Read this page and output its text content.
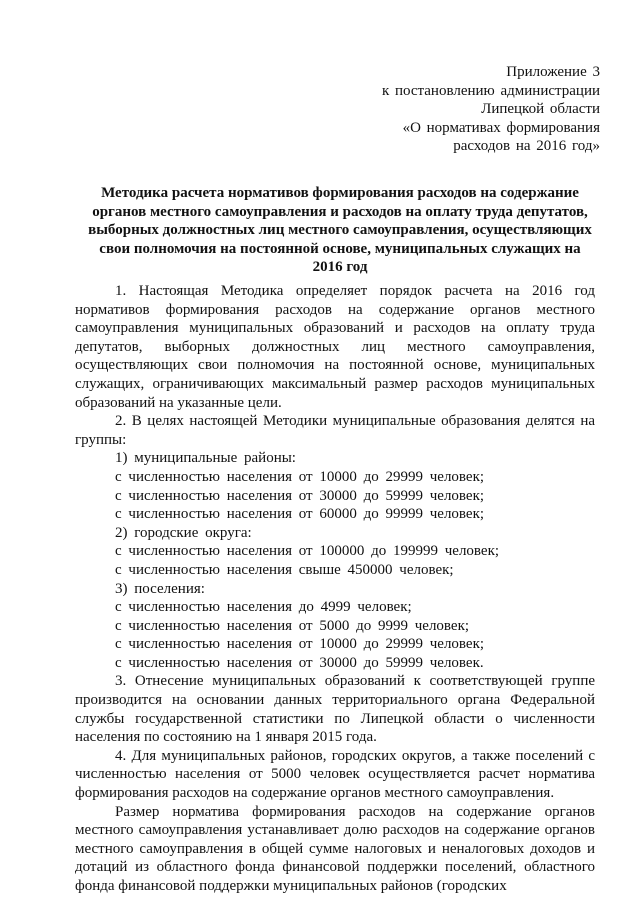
Приложение 3
к постановлению администрации
Липецкой области
«О нормативах формирования
расходов на 2016 год»
Методика расчета нормативов формирования расходов на содержание
органов местного самоуправления и расходов на оплату труда депутатов,
выборных должностных лиц местного самоуправления, осуществляющих
свои полномочия на постоянной основе, муниципальных служащих на
2016 год

1. Настоящая Методика определяет порядок расчета на 2016 год нормативов формирования расходов на содержание органов местного самоуправления муниципальных образований и расходов на оплату труда депутатов, выборных должностных лиц местного самоуправления, осуществляющих свои полномочия на постоянной основе, муниципальных служащих, ограничивающих максимальный размер расходов муниципальных образований на указанные цели.

2. В целях настоящей Методики муниципальные образования делятся на группы:

1) муниципальные районы:

с численностью населения от 10000 до 29999 человек;

с численностью населения от 30000 до 59999 человек;

с численностью населения от 60000 до 99999 человек;

2) городские округа:

с численностью населения от 100000 до 199999 человек;

с численностью населения свыше 450000 человек;

3) поселения:

с численностью населения до 4999 человек;

с численностью населения от 5000 до 9999 человек;

с численностью населения от 10000 до 29999 человек;

с численностью населения от 30000 до 59999 человек.

3. Отнесение муниципальных образований к соответствующей группе производится на основании данных территориального органа Федеральной службы государственной статистики по Липецкой области о численности населения по состоянию на 1 января 2015 года.

4. Для муниципальных районов, городских округов, а также поселений с численностью населения от 5000 человек осуществляется расчет норматива формирования расходов на содержание органов местного самоуправления.

Размер норматива формирования расходов на содержание органов местного самоуправления устанавливает долю расходов на содержание органов местного самоуправления в общей сумме налоговых и неналоговых доходов и дотаций из областного фонда финансовой поддержки поселений, областного фонда финансовой поддержки муниципальных районов (городских
